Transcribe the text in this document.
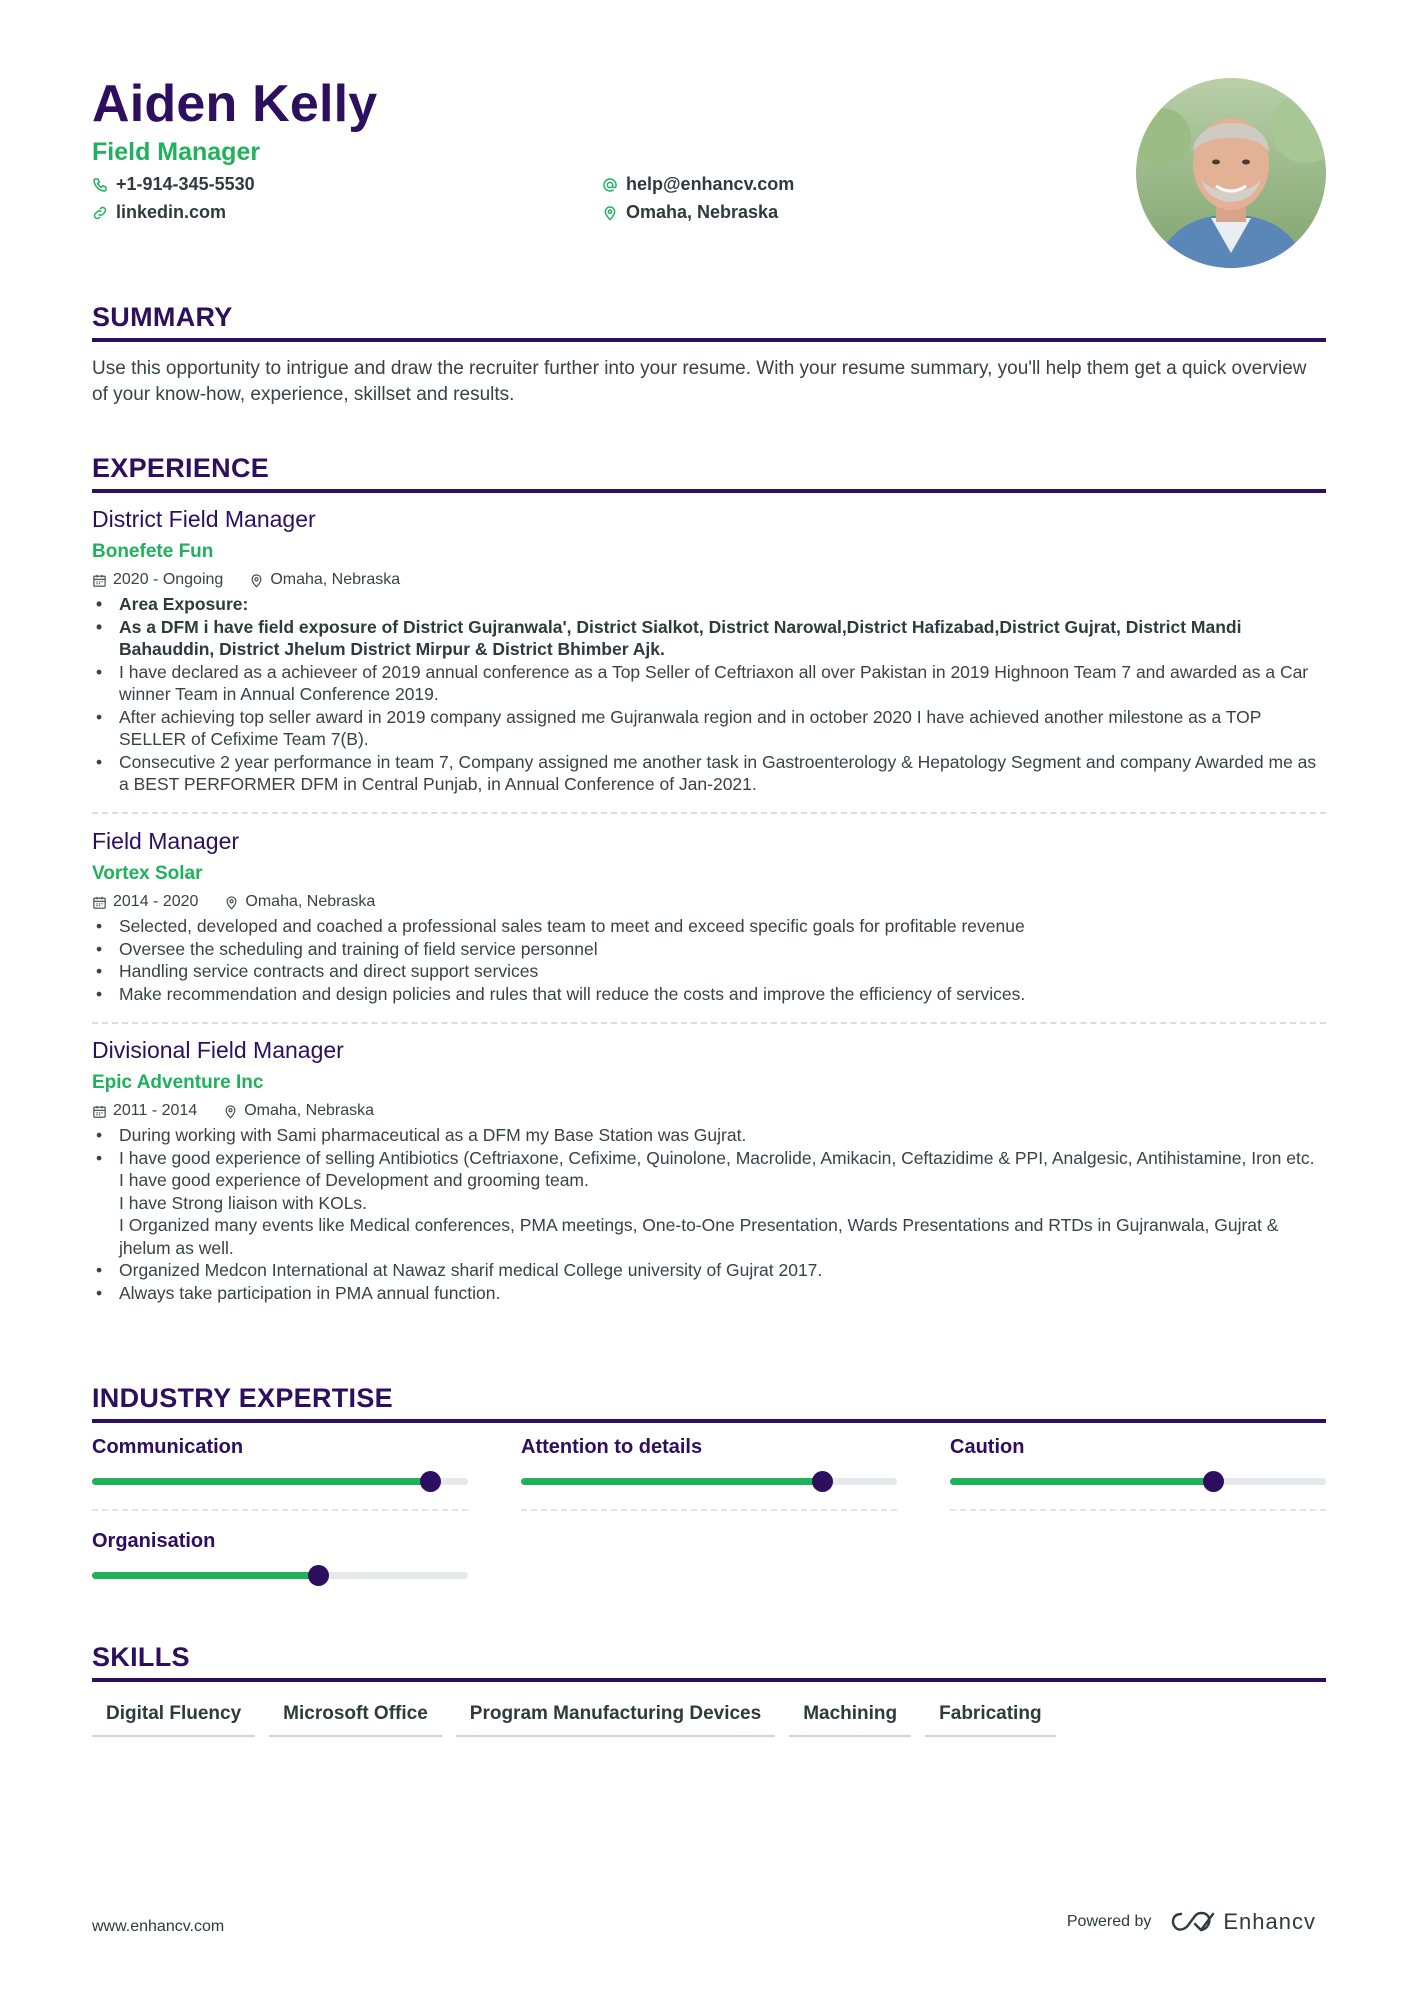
Aiden Kelly
Field Manager
+1-914-345-5530
linkedin.com
help@enhancv.com
Omaha, Nebraska
SUMMARY
Use this opportunity to intrigue and draw the recruiter further into your resume. With your resume summary, you'll help them get a quick overview of your know-how, experience, skillset and results.
EXPERIENCE
District Field Manager
Bonefete Fun
2020 - Ongoing	Omaha, Nebraska
• Area Exposure:
• As a DFM i have field exposure of District Gujranwala', District Sialkot, District Narowal,District Hafizabad,District Gujrat, District Mandi Bahauddin, District Jhelum District Mirpur & District Bhimber Ajk.
• I have declared as a achieveer of 2019 annual conference as a Top Seller of Ceftriaxon all over Pakistan in 2019 Highnoon Team 7 and awarded as a Car winner Team in Annual Conference 2019.
• After achieving top seller award in 2019 company assigned me Gujranwala region and in october 2020 I have achieved another milestone as a TOP SELLER of Cefixime Team 7(B).
• Consecutive 2 year performance in team 7, Company assigned me another task in Gastroenterology & Hepatology Segment and company Awarded me as a BEST PERFORMER DFM in Central Punjab, in Annual Conference of Jan-2021.
Field Manager
Vortex Solar
2014 - 2020	Omaha, Nebraska
• Selected, developed and coached a professional sales team to meet and exceed specific goals for profitable revenue
• Oversee the scheduling and training of field service personnel
• Handling service contracts and direct support services
• Make recommendation and design policies and rules that will reduce the costs and improve the efficiency of services.
Divisional Field Manager
Epic Adventure Inc
2011 - 2014	Omaha, Nebraska
• During working with Sami pharmaceutical as a DFM my Base Station was Gujrat.
• I have good experience of selling Antibiotics (Ceftriaxone, Cefixime, Quinolone, Macrolide, Amikacin, Ceftazidime & PPI, Analgesic, Antihistamine, Iron etc.
I have good experience of Development and grooming team.
I have Strong liaison with KOLs.
I Organized many events like Medical conferences, PMA meetings, One-to-One Presentation, Wards Presentations and RTDs in Gujranwala, Gujrat & jhelum as well.
• Organized Medcon International at Nawaz sharif medical College university of Gujrat 2017.
• Always take participation in PMA annual function.
INDUSTRY EXPERTISE
Communication	Attention to details	Caution
Organisation
SKILLS
Digital Fluency	Microsoft Office	Program Manufacturing Devices	Machining	Fabricating
www.enhancv.com	Powered by	Enhancv
